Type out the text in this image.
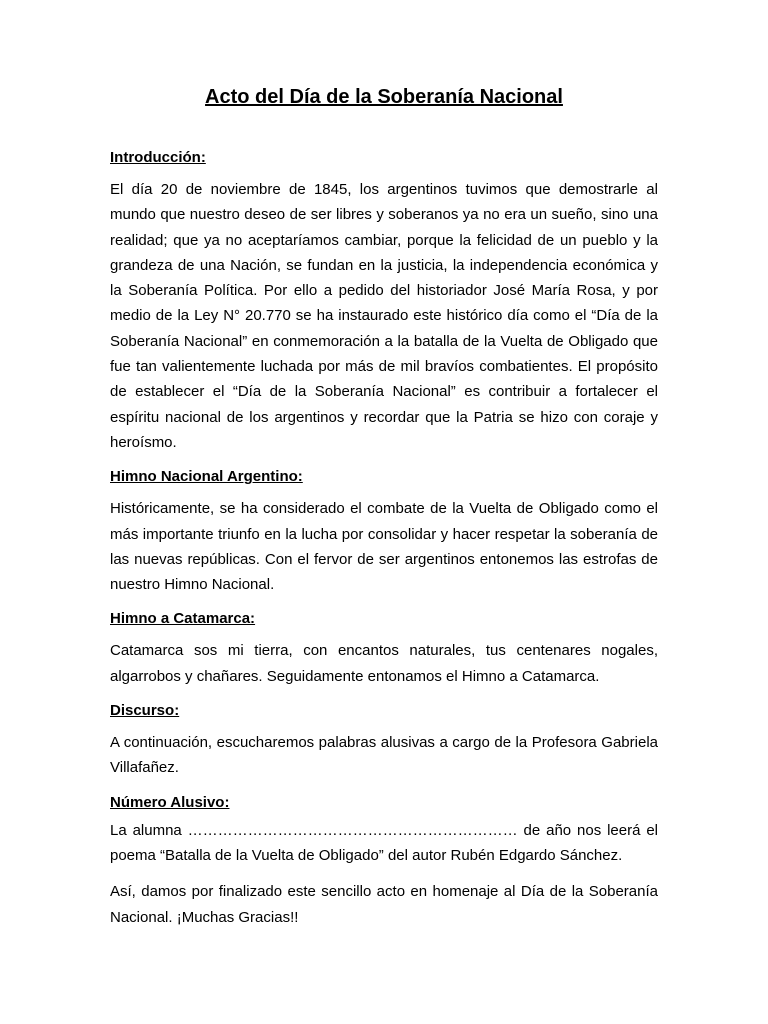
Acto del Día de la Soberanía Nacional
Introducción:

El día 20 de noviembre de 1845, los argentinos tuvimos que demostrarle al mundo que nuestro deseo de ser libres y soberanos ya no era un sueño, sino una realidad; que ya no aceptaríamos cambiar, porque la felicidad de un pueblo y la grandeza de una Nación, se fundan en la justicia, la independencia económica y la Soberanía Política. Por ello a pedido del historiador José María Rosa, y por medio de la Ley N° 20.770 se ha instaurado este histórico día como el “Día de la Soberanía Nacional” en conmemoración a la batalla de la Vuelta de Obligado que fue tan valientemente luchada por más de mil bravíos combatientes. El propósito de establecer el “Día de la Soberanía Nacional” es contribuir a fortalecer el espíritu nacional de los argentinos y recordar que la Patria se hizo con coraje y heroísmo.

Himno Nacional Argentino:

Históricamente, se ha considerado el combate de la Vuelta de Obligado como el más importante triunfo en la lucha por consolidar y hacer respetar la soberanía de las nuevas repúblicas. Con el fervor de ser argentinos entonemos las estrofas de nuestro Himno Nacional.

Himno a Catamarca:

Catamarca sos mi tierra, con encantos naturales, tus centenares nogales, algarrobos y chañares. Seguidamente entonamos el Himno a Catamarca.

Discurso:

A continuación, escucharemos palabras alusivas a cargo de la Profesora Gabriela Villafañez.

Número Alusivo:

La alumna ………………………………………………………… de año nos leerá el poema “Batalla de la Vuelta de Obligado” del autor Rubén Edgardo Sánchez.

Así, damos por finalizado este sencillo acto en homenaje al Día de la Soberanía Nacional. ¡Muchas Gracias!!
